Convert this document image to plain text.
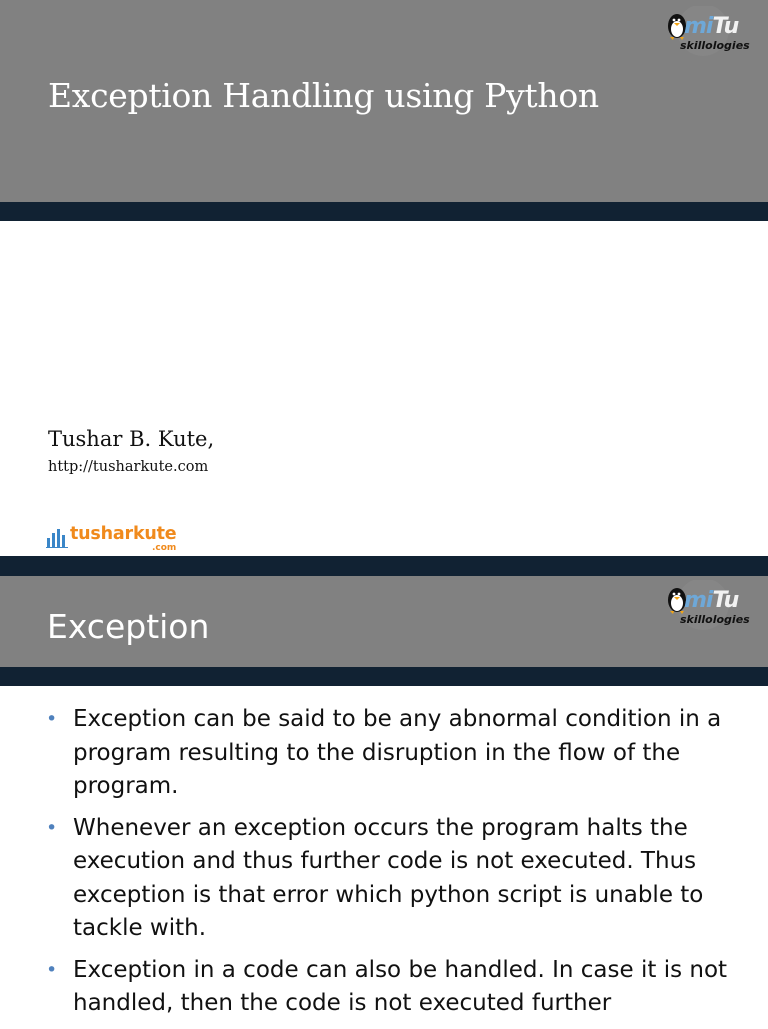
Exception Handling using Python
miTu
skillologies
Tushar B. Kute,
http://tusharkute.com
tusharkute
.com
Exception
miTu
skillologies
• Exception can be said to be any abnormal condition in a program resulting to the disruption in the flow of the program.
• Whenever an exception occurs the program halts the execution and thus further code is not executed. Thus exception is that error which python script is unable to tackle with.
• Exception in a code can also be handled. In case it is not handled, then the code is not executed further
